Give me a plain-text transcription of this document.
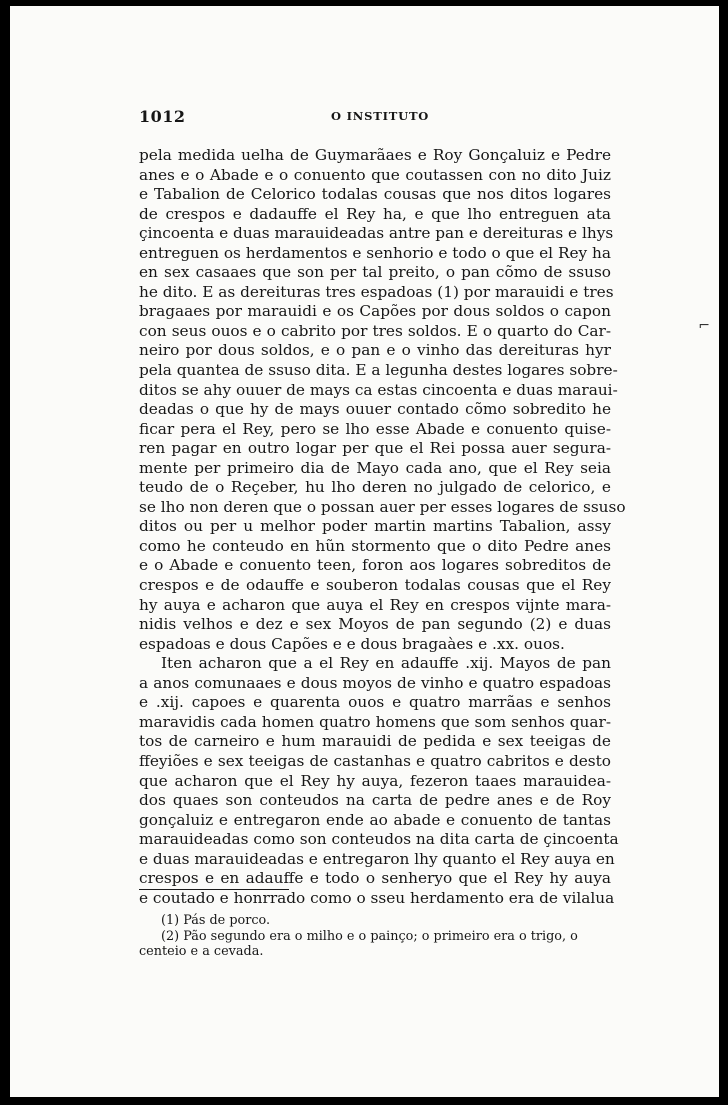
1012	O INSTITUTO
pela medida uelha de Guymarãaes e Roy Gonçaluiz e Pedre
anes e o Abade e o conuento que coutassen con no dito Juiz
e Tabalion de Celorico todalas cousas que nos ditos logares
de crespos e dadauffe el Rey ha, e que lho entreguen ata
çincoenta e duas marauideadas antre pan e dereituras e lhys
entreguen os herdamentos e senhorio e todo o que el Rey ha
en sex casaaes que son per tal preito, o pan cõmo de ssuso
he dito. E as dereituras tres espadoas (1) por marauidi e tres
bragaaes por marauidi e os Capões por dous soldos o capon
con seus ouos e o cabrito por tres soldos. E o quarto do Car-
neiro por dous soldos, e o pan e o vinho das dereituras hyr
pela quantea de ssuso dita. E a legunha destes logares sobre-
ditos se ahy ouuer de mays ca estas cincoenta e duas maraui-
deadas o que hy de mays ouuer contado cõmo sobredito he
ficar pera el Rey, pero se lho esse Abade e conuento quise-
ren pagar en outro logar per que el Rei possa auer segura-
mente per primeiro dia de Mayo cada ano, que el Rey seia
teudo de o Reçeber, hu lho deren no julgado de celorico, e
se lho non deren que o possan auer per esses logares de ssuso
ditos ou per u melhor poder martin martins Tabalion, assy
como he conteudo en hũn stormento que o dito Pedre anes
e o Abade e conuento teen, foron aos logares sobreditos de
crespos e de odauffe e souberon todalas cousas que el Rey
hy auya e acharon que auya el Rey en crespos vijnte mara-
nidis velhos e dez e sex Moyos de pan segundo (2) e duas
espadoas e dous Capões e e dous bragaàes e .xx. ouos.
Iten acharon que a el Rey en adauffe .xij. Mayos de pan
a anos comunaaes e dous moyos de vinho e quatro espadoas
e .xij. capoes e quarenta ouos e quatro marrãas e senhos
maravidis cada homen quatro homens que som senhos quar-
tos de carneiro e hum marauidi de pedida e sex teeigas de
ffeyiões e sex teeigas de castanhas e quatro cabritos e desto
que acharon que el Rey hy auya, fezeron taaes marauideа-
dos quaes son conteudos na carta de pedre anes e de Roy
gonçaluiz e entregaron ende ao abade e conuento de tantas
marauideadas como son conteudos na dita carta de çincoenta
e duas marauideadas e entregaron lhy quanto el Rey auya en
crespos e en adauffe e todo o senheryo que el Rey hy auya
e coutado e honrrado como o sseu herdamento era de vilalua
(1) Pás de porco.
(2) Pão segundo era o milho e o painço; o primeiro era o trigo, o
centeio e a cevada.
⌐
